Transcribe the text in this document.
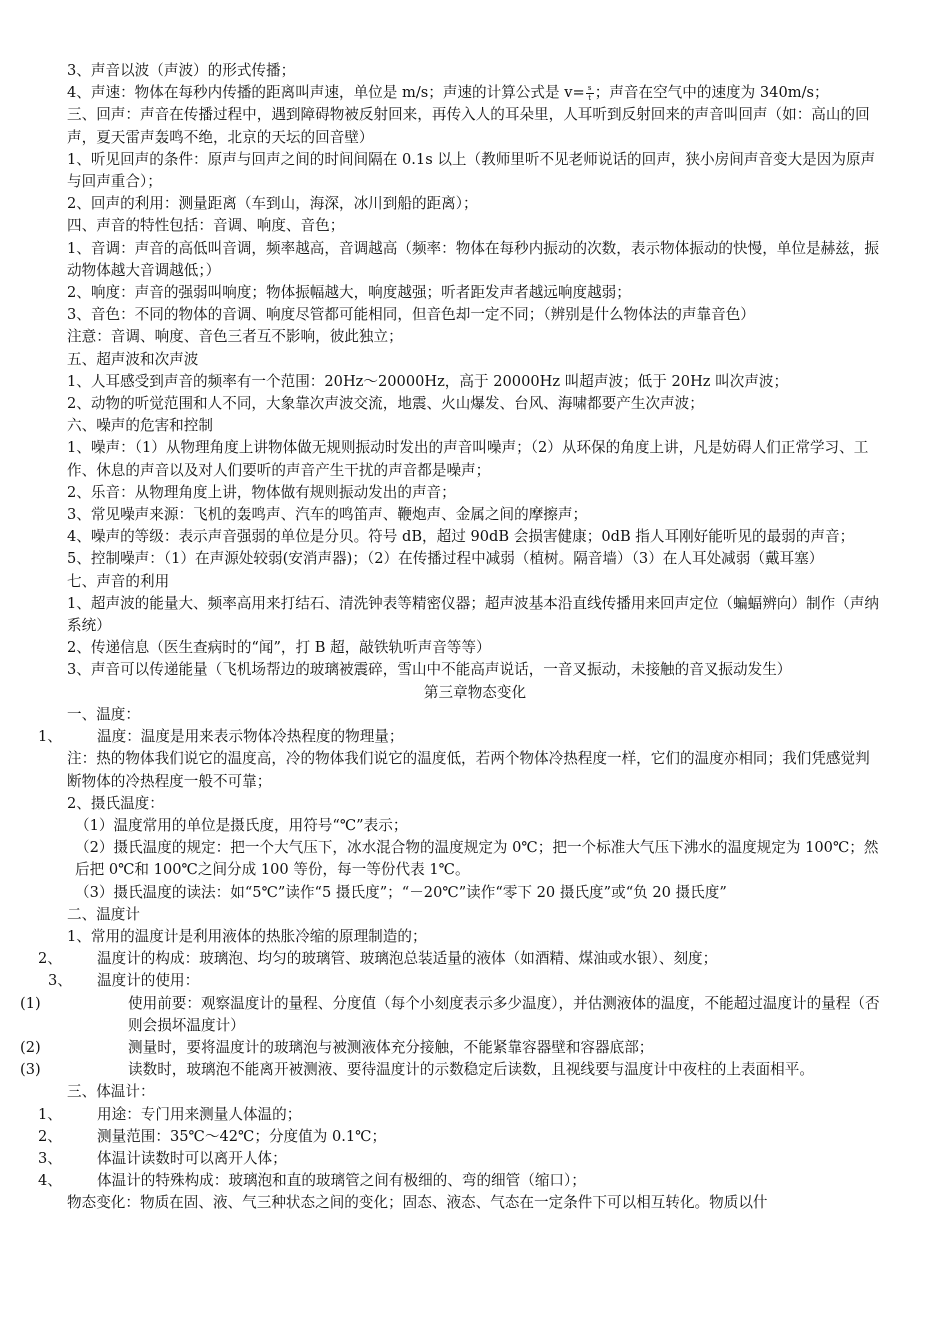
3、声音以波（声波）的形式传播；
4、声速：物体在每秒内传播的距离叫声速，单位是 m/s；声速的计算公式是 $v= \frac{s}{t}$ ；声音在空气中的速度为 340m/s；
三、回声：声音在传播过程中，遇到障碍物被反射回来，再传入人的耳朵里，人耳听到反射回来的声音叫回声（如：高山的回声，夏天雷声轰鸣不绝，北京的天坛的回音壁）
1、听见回声的条件：原声与回声之间的时间间隔在 0.1s 以上（教师里听不见老师说话的回声，狭小房间声音变大是因为原声与回声重合）；
2、回声的利用：测量距离（车到山，海深，冰川到船的距离）；
四、声音的特性包括：音调、响度、音色；
1、音调：声音的高低叫音调，频率越高，音调越高（频率：物体在每秒内振动的次数，表示物体振动的快慢，单位是赫兹，振动物体越大音调越低；）
2、响度：声音的强弱叫响度；物体振幅越大，响度越强；听者距发声者越远响度越弱；
3、音色：不同的物体的音调、响度尽管都可能相同，但音色却一定不同；（辨别是什么物体法的声靠音色）
注意：音调、响度、音色三者互不影响，彼此独立；
五、超声波和次声波
1、人耳感受到声音的频率有一个范围：20Hz～20000Hz，高于 20000Hz 叫超声波；低于 20Hz 叫次声波；
2、动物的听觉范围和人不同，大象靠次声波交流，地震、火山爆发、台风、海啸都要产生次声波；
六、噪声的危害和控制
1、噪声：（1）从物理角度上讲物体做无规则振动时发出的声音叫噪声；（2）从环保的角度上讲，凡是妨碍人们正常学习、工作、休息的声音以及对人们要听的声音产生干扰的声音都是噪声；
2、乐音：从物理角度上讲，物体做有规则振动发出的声音；
3、常见噪声来源：飞机的轰鸣声、汽车的鸣笛声、鞭炮声、金属之间的摩擦声；
4、噪声的等级：表示声音强弱的单位是分贝。符号 dB，超过 90dB 会损害健康；0dB 指人耳刚好能听见的最弱的声音；
5、控制噪声：（1）在声源处较弱(安消声器)；（2）在传播过程中减弱（植树。隔音墙）（3）在人耳处减弱（戴耳塞）
七、声音的利用
1、超声波的能量大、频率高用来打结石、清洗钟表等精密仪器；超声波基本沿直线传播用来回声定位（蝙蝠辨向）制作（声纳系统）
2、传递信息（医生查病时的“闻”，打 B 超，敲铁轨听声音等等）
3、声音可以传递能量（飞机场帮边的玻璃被震碎，雪山中不能高声说话，一音叉振动，未接触的音叉振动发生）
第三章物态变化
一、温度：
1、 温度：温度是用来表示物体冷热程度的物理量；
注：热的物体我们说它的温度高，冷的物体我们说它的温度低，若两个物体冷热程度一样，它们的温度亦相同；我们凭感觉判断物体的冷热程度一般不可靠；
2、摄氏温度：
（1）温度常用的单位是摄氏度，用符号“℃”表示；
（2）摄氏温度的规定：把一个大气压下，冰水混合物的温度规定为 0℃；把一个标准大气压下沸水的温度规定为 100℃；然后把 0℃和 100℃之间分成 100 等份，每一等份代表 1℃。
（3）摄氏温度的读法：如“5℃”读作“5 摄氏度”；“－20℃”读作“零下 20 摄氏度”或“负 20 摄氏度”
二、温度计
1、常用的温度计是利用液体的热胀冷缩的原理制造的；
2、 温度计的构成：玻璃泡、均匀的玻璃管、玻璃泡总装适量的液体（如酒精、煤油或水银）、刻度；
3、 温度计的使用：
(1)	使用前要：观察温度计的量程、分度值（每个小刻度表示多少温度），并估测液体的温度，不能超过温度计的量程（否则会损坏温度计）
(2)	测量时，要将温度计的玻璃泡与被测液体充分接触，不能紧靠容器壁和容器底部；
(3)	读数时，玻璃泡不能离开被测液、要待温度计的示数稳定后读数，且视线要与温度计中夜柱的上表面相平。
三、体温计：
1、 用途：专门用来测量人体温的；
2、 测量范围：35℃～42℃；分度值为 0.1℃；
3、 体温计读数时可以离开人体；
4、 体温计的特殊构成：玻璃泡和直的玻璃管之间有极细的、弯的细管（缩口）；
物态变化：物质在固、液、气三种状态之间的变化；固态、液态、气态在一定条件下可以相互转化。物质以什
